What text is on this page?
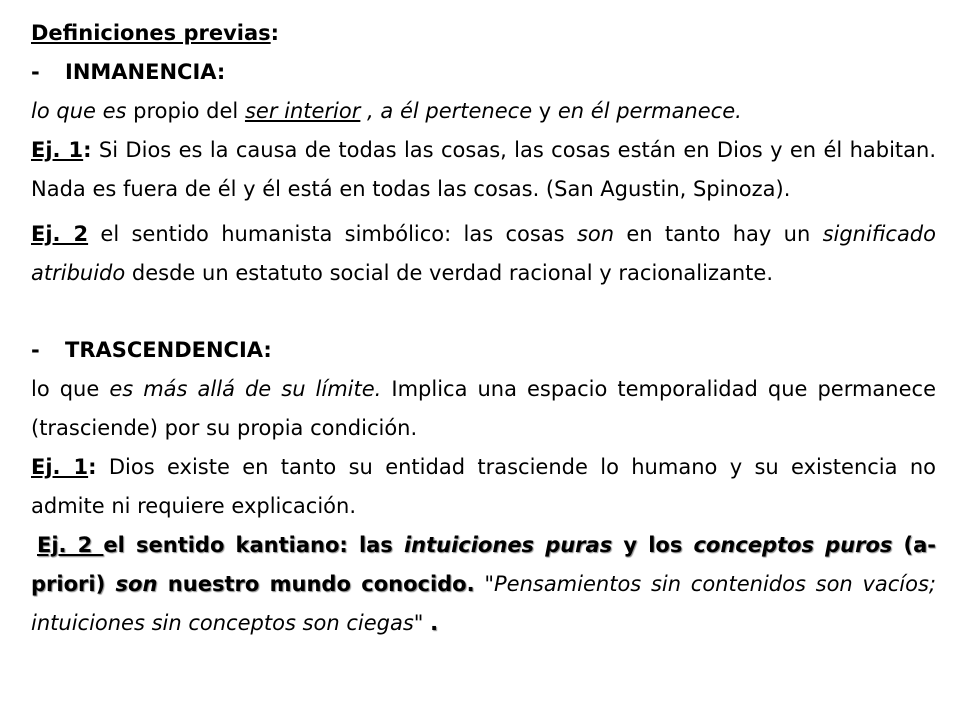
Definiciones previas:

-	INMANENCIA:

lo que es propio del ser interior , a él pertenece y en él permanece.

Ej. 1: Si Dios es la causa de todas las cosas, las cosas están en Dios y en él habitan. Nada es fuera de él y él está en todas las cosas. (San Agustin, Spinoza).

Ej. 2 el sentido humanista simbólico: las cosas son en tanto hay un significado atribuido desde un estatuto social de verdad racional y racionalizante.

-	TRASCENDENCIA:

lo que es más allá de su límite. Implica una espacio temporalidad que permanece (trasciende) por su propia condición.

Ej. 1: Dios existe en tanto su entidad trasciende lo humano y su existencia no admite ni requiere explicación.

Ej. 2 el sentido kantiano: las intuiciones puras y los conceptos puros (a-priori) son nuestro mundo conocido. "Pensamientos sin contenidos son vacíos; intuiciones sin conceptos son ciegas" .
